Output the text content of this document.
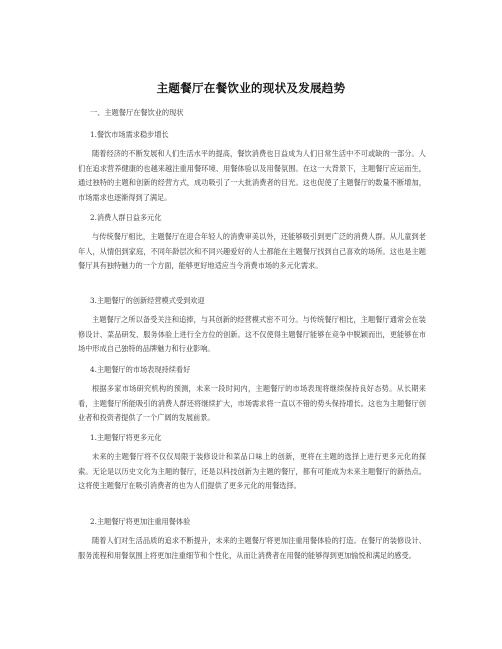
主题餐厅在餐饮业的现状及发展趋势
一、主题餐厅在餐饮业的现状
1.餐饮市场需求稳步增长
随着经济的不断发展和人们生活水平的提高，餐饮消费也日益成为人们日常生活中不可或缺的一部分。人们在追求营养健康的也越来越注重用餐环境、用餐体验以及用餐氛围。在这一大背景下，主题餐厅应运而生，通过独特的主题和创新的经营方式，成功吸引了一大批消费者的目光。这也促使了主题餐厅的数量不断增加，市场需求也逐渐得到了满足。
2.消费人群日益多元化
与传统餐厅相比，主题餐厅在迎合年轻人的消费审美以外，还能够吸引到更广泛的消费人群。从儿童到老年人，从情侣到家庭，不同年龄层次和不同兴趣爱好的人士都能在主题餐厅找到自己喜欢的场所。这也是主题餐厅具有独特魅力的一个方面，能够更好地适应当今消费市场的多元化需求。
3.主题餐厅的创新经营模式受到欢迎
主题餐厅之所以备受关注和追捧，与其创新的经营模式密不可分。与传统餐厅相比，主题餐厅通常会在装修设计、菜品研发、服务体验上进行全方位的创新。这不仅使得主题餐厅能够在竞争中脱颖而出，更能够在市场中形成自己独特的品牌魅力和行业影响。
4.主题餐厅的市场表现持续看好
根据多家市场研究机构的预测，未来一段时间内，主题餐厅的市场表现将继续保持良好态势。从长期来看，主题餐厅所能吸引的消费人群还将继续扩大，市场需求将一直以不错的势头保持增长。这也为主题餐厅创业者和投资者提供了一个广阔的发展前景。
1.主题餐厅将更多元化
未来的主题餐厅将不仅仅局限于装修设计和菜品口味上的创新，更将在主题的选择上进行更多元化的探索。无论是以历史文化为主题的餐厅，还是以科技创新为主题的餐厅，都有可能成为未来主题餐厅的新热点。这将使主题餐厅在吸引消费者的也为人们提供了更多元化的用餐选择。
2.主题餐厅将更加注重用餐体验
随着人们对生活品质的追求不断提升，未来的主题餐厅将更加注重用餐体验的打造。在餐厅的装修设计、服务流程和用餐氛围上将更加注重细节和个性化，从而让消费者在用餐的能够得到更加愉悦和满足的感受。
